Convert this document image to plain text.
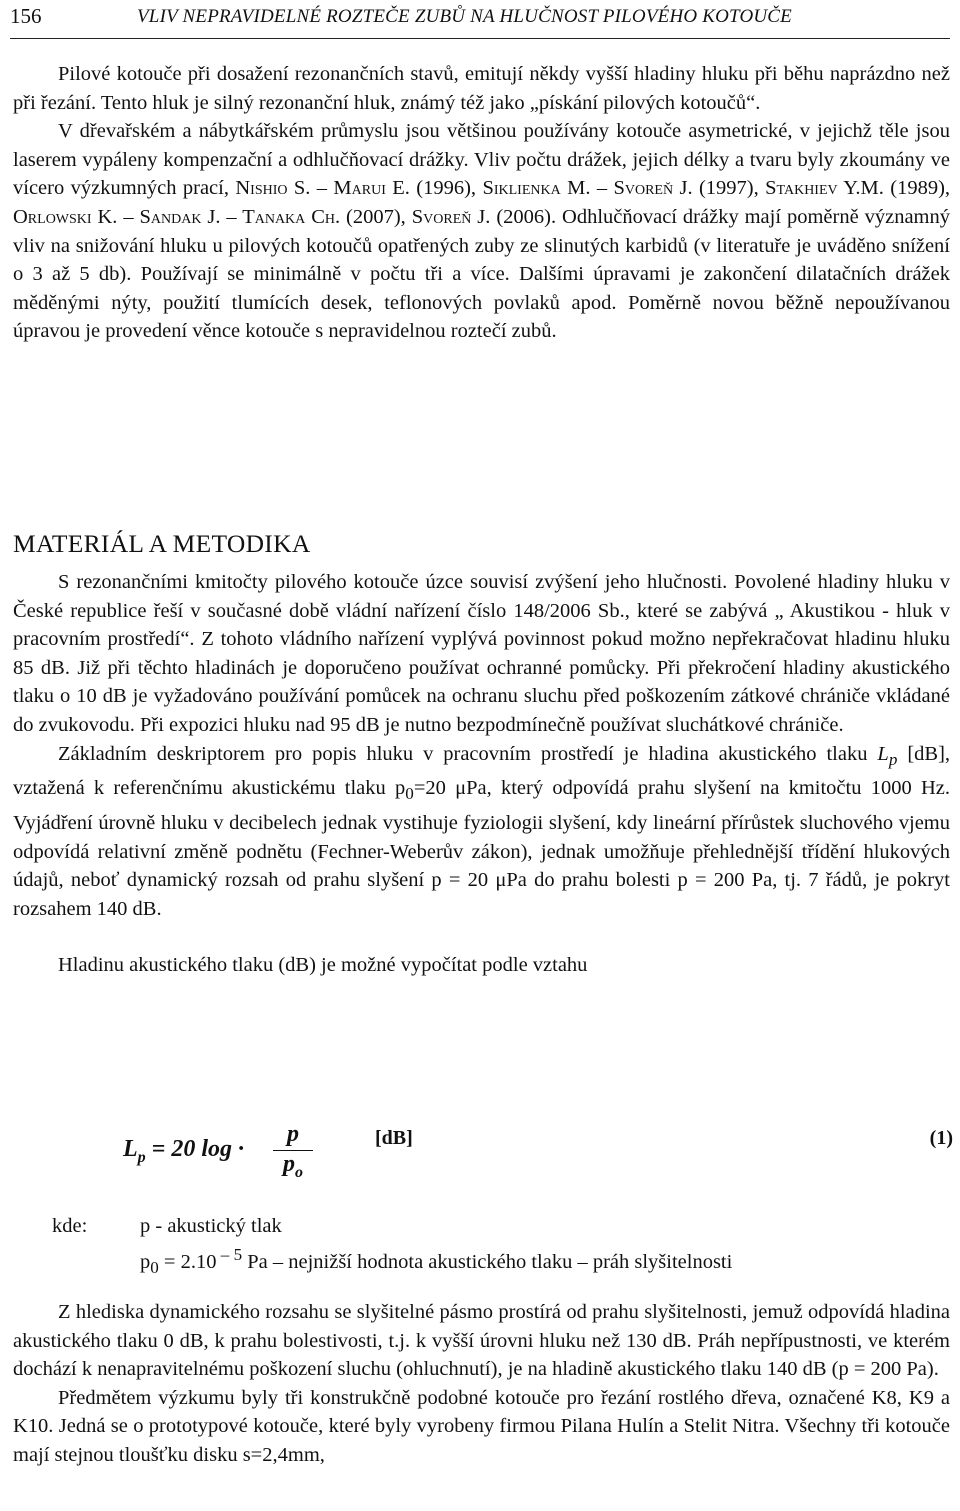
156	VLIV NEPRAVIDELNÉ ROZTEČE ZUBŮ NA HLUČNOST PILOVÉHO KOTOUČE

Pilové kotouče při dosažení rezonančních stavů, emitují někdy vyšší hladiny hluku při běhu naprázdno než při řezání. Tento hluk je silný rezonanční hluk, známý též jako „pískání pilových kotoučů“.

V dřevařském a nábytkářském průmyslu jsou většinou používány kotouče asymetrické, v jejichž těle jsou laserem vypáleny kompenzační a odhlučňovací drážky. Vliv počtu drážek, jejich délky a tvaru byly zkoumány ve vícero výzkumných prací, Nishio S. – Marui E. (1996), Siklienka M. – Svoreň J. (1997), Stakhiev Y.M. (1989), Orlowski K. – Sandak J. – Tanaka Ch. (2007), Svoreň J. (2006). Odhlučňovací drážky mají poměrně významný vliv na snižování hluku u pilových kotoučů opatřených zuby ze slinutých karbidů (v literatuře je uváděno snížení o 3 až 5 db). Používají se minimálně v počtu tři a více. Dalšími úpravami je zakončení dilatačních drážek měděnými nýty, použití tlumících desek, teflonových povlaků apod. Poměrně novou běžně nepoužívanou úpravou je provedení věnce kotouče s nepravidelnou roztečí zubů.

MATERIÁL A METODIKA

S rezonančními kmitočty pilového kotouče úzce souvisí zvýšení jeho hlučnosti. Povolené hladiny hluku v České republice řeší v současné době vládní nařízení číslo 148/2006 Sb., které se zabývá „ Akustikou - hluk v pracovním prostředí“. Z tohoto vládního nařízení vyplývá povinnost pokud možno nepřekračovat hladinu hluku 85 dB. Již při těchto hladinách je doporučeno používat ochranné pomůcky. Při překročení hladiny akustického tlaku o 10 dB je vyžadováno používání pomůcek na ochranu sluchu před poškozením zátkové chrániče vkládané do zvukovodu. Při expozici hluku nad 95 dB je nutno bezpodmínečně používat sluchátkové chrániče.

Základním deskriptorem pro popis hluku v pracovním prostředí je hladina akustického tlaku $L_p$ [dB], vztažená k referenčnímu akustickému tlaku $p_0=20$ μPa, který odpovídá prahu slyšení na kmitočtu 1000 Hz. Vyjádření úrovně hluku v decibelech jednak vystihuje fyziologii slyšení, kdy lineární přírůstek sluchového vjemu odpovídá relativní změně podnětu (Fechner-Weberův zákon), jednak umožňuje přehlednější třídění hlukových údajů, neboť dynamický rozsah od prahu slyšení p = 20 μPa do prahu bolesti p = 200 Pa, tj. 7 řádů, je pokryt rozsahem 140 dB.

Hladinu akustického tlaku (dB) je možné vypočítat podle vztahu

$L_p = 20$ $\log \cdot \frac{p}{p_o}$	[dB]	(1)
kde:	p - akustický tlak
$p_0 = 2.10$ $^{- 5}$ Pa – nejnižší hodnota akustického tlaku – práh slyšitelnosti

Z hlediska dynamického rozsahu se slyšitelné pásmo prostírá od prahu slyšitelnosti, jemuž odpovídá hladina akustického tlaku 0 dB, k prahu bolestivosti, t.j. k vyšší úrovni hluku než 130 dB. Práh nepřípustnosti, ve kterém dochází k nenapravitelnému poškození sluchu (ohluchnutí), je na hladině akustického tlaku 140 dB (p = 200 Pa).

Předmětem výzkumu byly tři konstrukčně podobné kotouče pro řezání rostlého dřeva, označené K8, K9 a K10. Jedná se o prototypové kotouče, které byly vyrobeny firmou Pilana Hulín a Stelit Nitra. Všechny tři kotouče mají stejnou tloušťku disku s=2,4mm,
